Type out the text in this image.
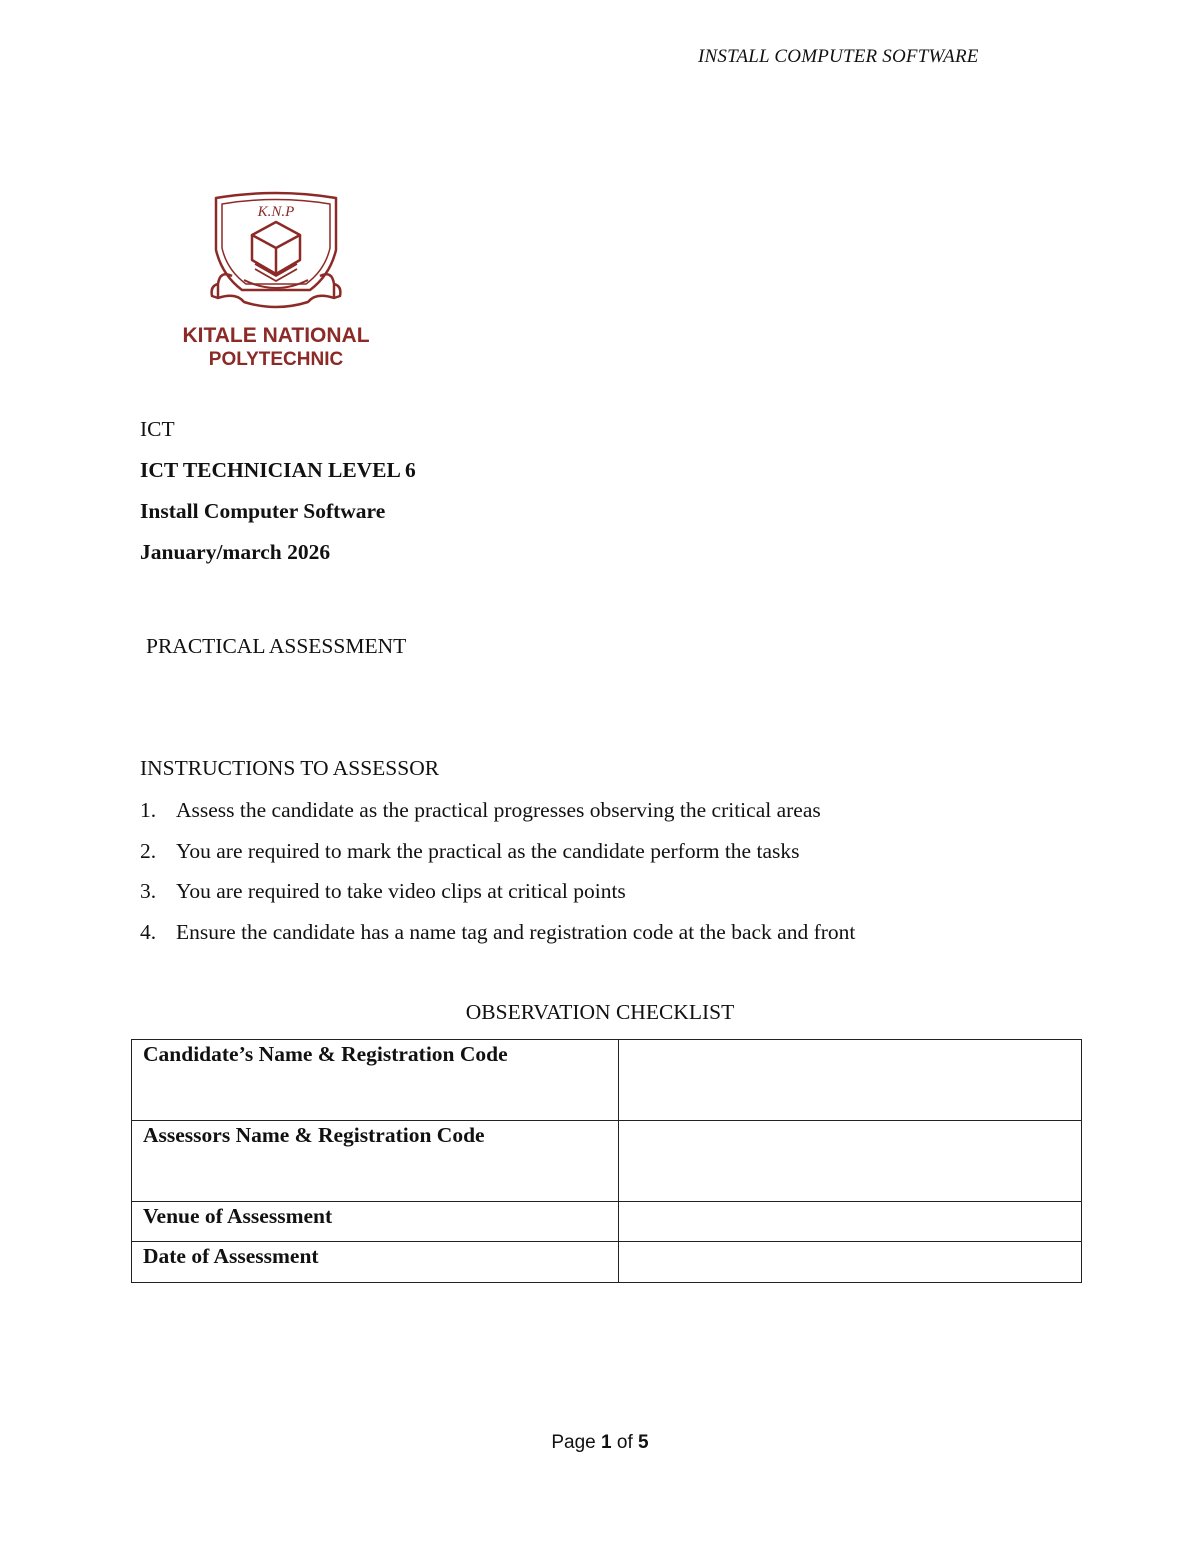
INSTALL COMPUTER SOFTWARE
K.N.P
KITALE NATIONAL
POLYTECHNIC
ICT
ICT TECHNICIAN LEVEL 6
Install Computer Software
January/march 2026
PRACTICAL ASSESSMENT
INSTRUCTIONS TO ASSESSOR
1. Assess the candidate as the practical progresses observing the critical areas
2. You are required to mark the practical as the candidate perform the tasks
3. You are required to take video clips at critical points
4. Ensure the candidate has a name tag and registration code at the back and front
OBSERVATION CHECKLIST
Candidate’s Name & Registration Code	
Assessors Name & Registration Code	
Venue of Assessment	
Date of Assessment	
Page 1 of 5
